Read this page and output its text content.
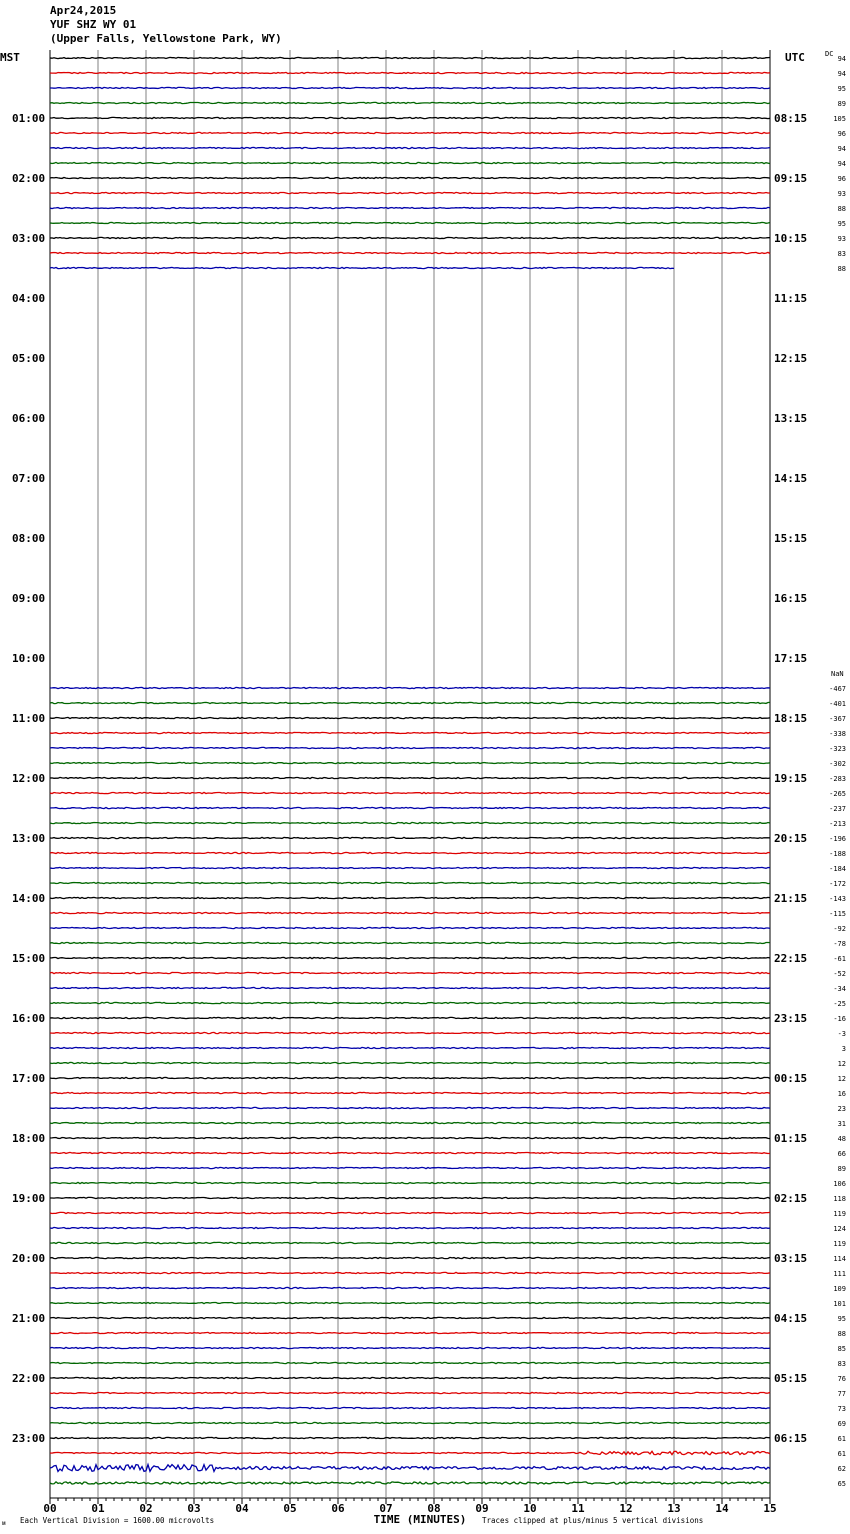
Apr24,2015
YUF SHZ WY 01
(Upper Falls, Yellowstone Park, WY)
94
94
95
89
105
96
94
94
96
93
88
95
93
83
88
-467
-401
-367
-338
-323
-302
-283
-265
-237
-213
-196
-188
-184
-172
-143
-115
-92
-78
-61
-52
-34
-25
-16
-3
3
12
12
16
23
31
48
66
89
106
118
119
124
119
114
111
109
101
95
88
85
83
76
77
73
69
61
61
62
65
MST	UTC	DC
NaN
01:00
02:00
03:00
04:00
05:00
06:00
07:00
08:00
09:00
10:00
11:00
12:00
13:00
14:00
15:00
16:00
17:00
18:00
19:00
20:00
21:00
22:00
23:00
08:15
09:15
10:15
11:15
12:15
13:15
14:15
15:15
16:15
17:15
18:15
19:15
20:15
21:15
22:15
23:15
00:15
01:15
02:15
03:15
04:15
05:15
06:15
00	01	02	03	04	05	06	07	08	09	10	11	12	13	14	15
TIME (MINUTES)
Each Vertical Division = 1600.00 microvolts	Traces clipped at plus/minus 5 vertical divisions
ᴍ
